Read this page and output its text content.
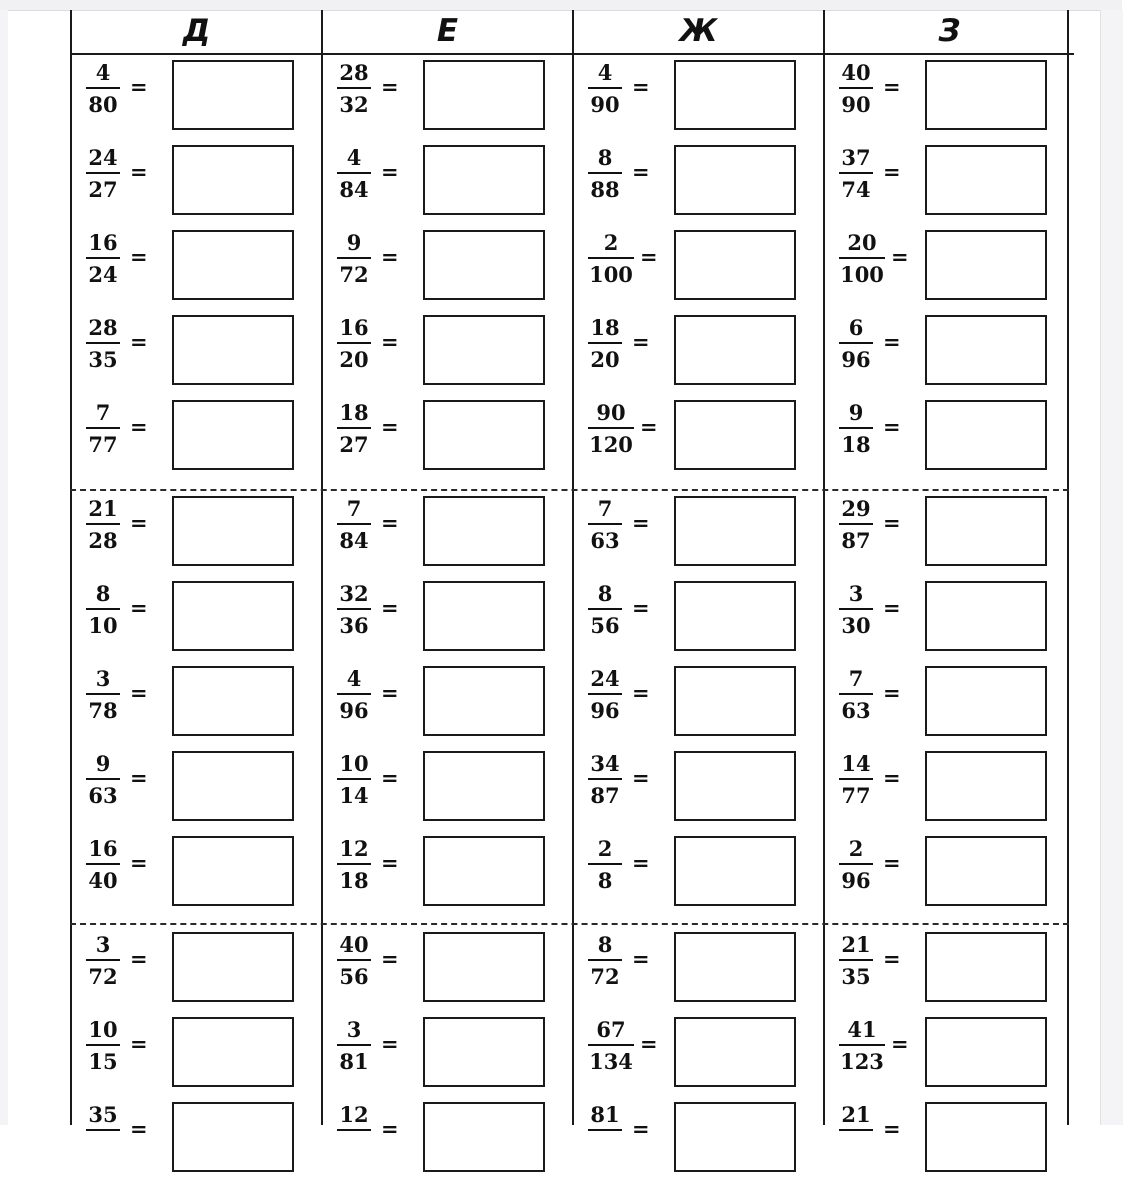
Д
4
80
=
24
27
=
16
24
=
28
35
=
7
77
=
21
28
=
8
10
=
3
78
=
9
63
=
16
40
=
3
72
=
10
15
=
35
=
Е
28
32
=
4
84
=
9
72
=
16
20
=
18
27
=
7
84
=
32
36
=
4
96
=
10
14
=
12
18
=
40
56
=
3
81
=
12
=
Ж
4
90
=
8
88
=
2
100
=
18
20
=
90
120
=
7
63
=
8
56
=
24
96
=
34
87
=
2
8
=
8
72
=
67
134
=
81
=
З
40
90
=
37
74
=
20
100
=
6
96
=
9
18
=
29
87
=
3
30
=
7
63
=
14
77
=
2
96
=
21
35
=
41
123
=
21
=
